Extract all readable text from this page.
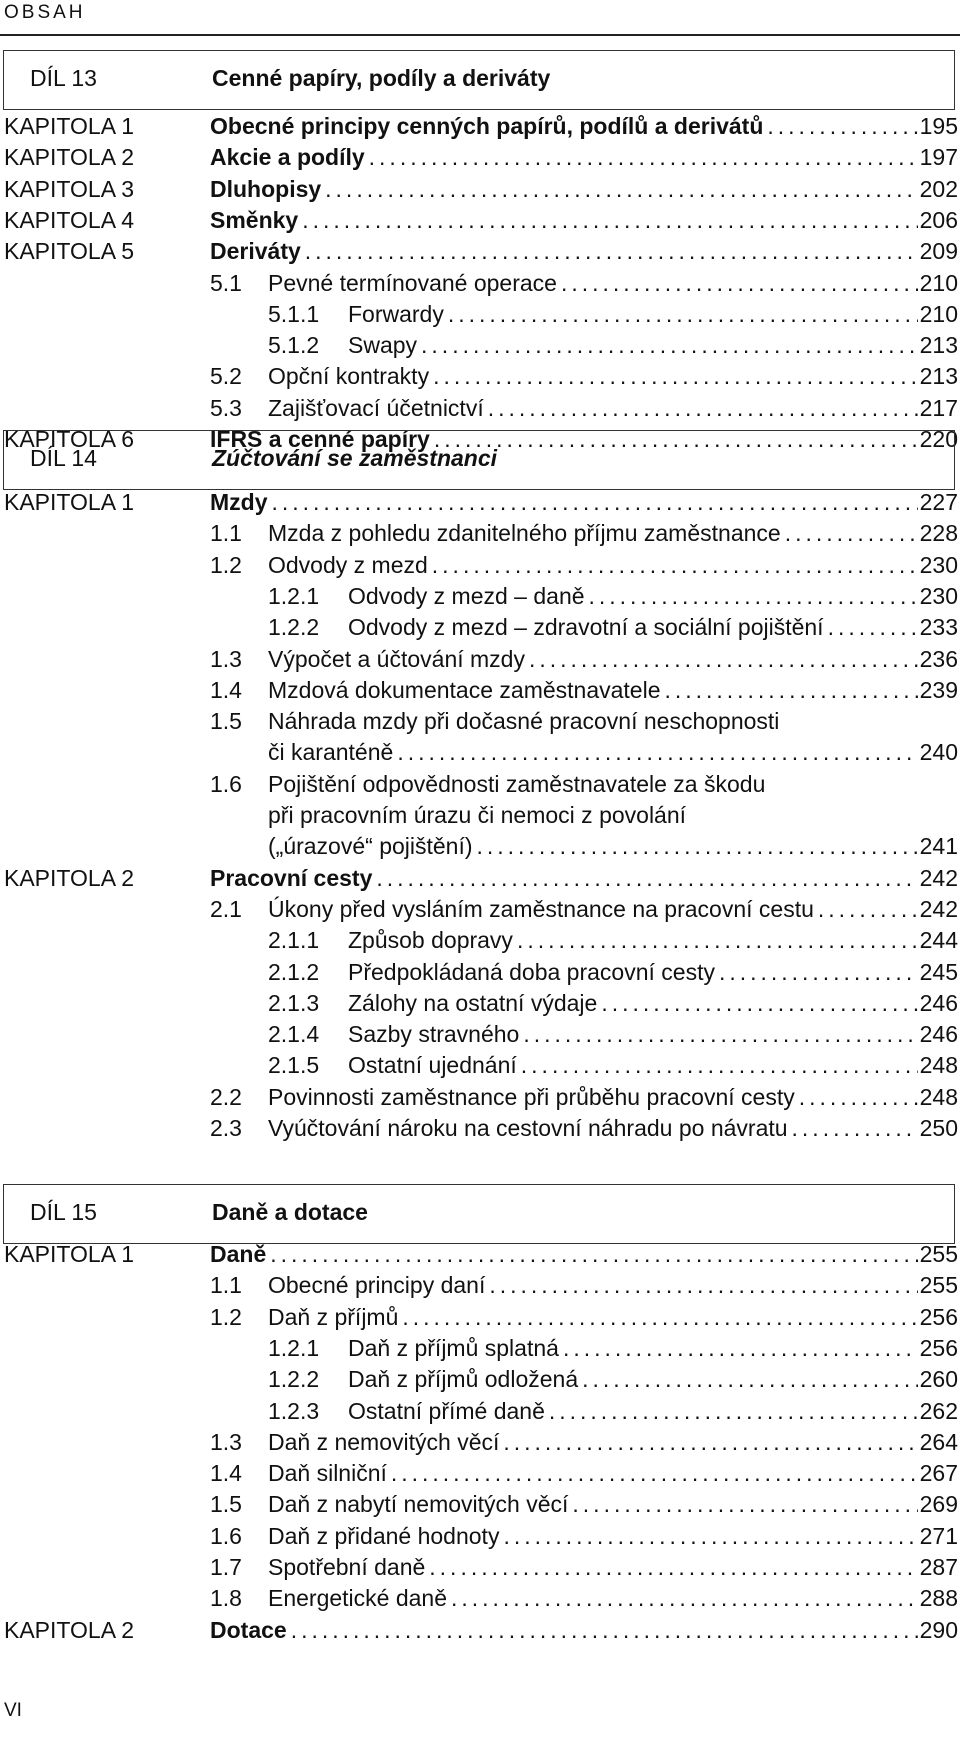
OBSAH
DÍL 13	Cenné papíry, podíly a deriváty
KAPITOLA 1	Obecné principy cenných papírů, podílů a derivátů . . .	195
KAPITOLA 2	Akcie a podíly . . .	197
KAPITOLA 3	Dluhopisy . . .	202
KAPITOLA 4	Směnky . . .	206
KAPITOLA 5	Deriváty . . .	209
5.1 Pevné termínované operace . . .	210
5.1.1 Forwardy . . .	210
5.1.2 Swapy . . .	213
5.2 Opční kontrakty . . .	213
5.3 Zajišťovací účetnictví . . .	217
KAPITOLA 6	IFRS a cenné papíry . . .	220
DÍL 14	Zúčtování se zaměstnanci
KAPITOLA 1	Mzdy . . .	227
1.1 Mzda z pohledu zdanitelného příjmu zaměstnance . . .	228
1.2 Odvody z mezd . . .	230
1.2.1 Odvody z mezd – daně . . .	230
1.2.2 Odvody z mezd – zdravotní a sociální pojištění . . .	233
1.3 Výpočet a účtování mzdy . . .	236
1.4 Mzdová dokumentace zaměstnavatele . . .	239
1.5 Náhrada mzdy při dočasné pracovní neschopnosti
či karanténě . . .	240
1.6 Pojištění odpovědnosti zaměstnavatele za škodu
při pracovním úrazu či nemoci z povolání
(„úrazové“ pojištění) . . .	241
KAPITOLA 2	Pracovní cesty . . .	242
2.1 Úkony před vysláním zaměstnance na pracovní cestu . . .	242
2.1.1 Způsob dopravy . . .	244
2.1.2 Předpokládaná doba pracovní cesty . . .	245
2.1.3 Zálohy na ostatní výdaje . . .	246
2.1.4 Sazby stravného . . .	246
2.1.5 Ostatní ujednání . . .	248
2.2 Povinnosti zaměstnance při průběhu pracovní cesty . . .	248
2.3 Vyúčtování nároku na cestovní náhradu po návratu . . .	250
DÍL 15	Daně a dotace
KAPITOLA 1	Daně . . .	255
1.1 Obecné principy daní . . .	255
1.2 Daň z příjmů . . .	256
1.2.1 Daň z příjmů splatná . . .	256
1.2.2 Daň z příjmů odložená . . .	260
1.2.3 Ostatní přímé daně . . .	262
1.3 Daň z nemovitých věcí . . .	264
1.4 Daň silniční . . .	267
1.5 Daň z nabytí nemovitých věcí . . .	269
1.6 Daň z přidané hodnoty . . .	271
1.7 Spotřební daně . . .	287
1.8 Energetické daně . . .	288
KAPITOLA 2	Dotace . . .	290
VI
